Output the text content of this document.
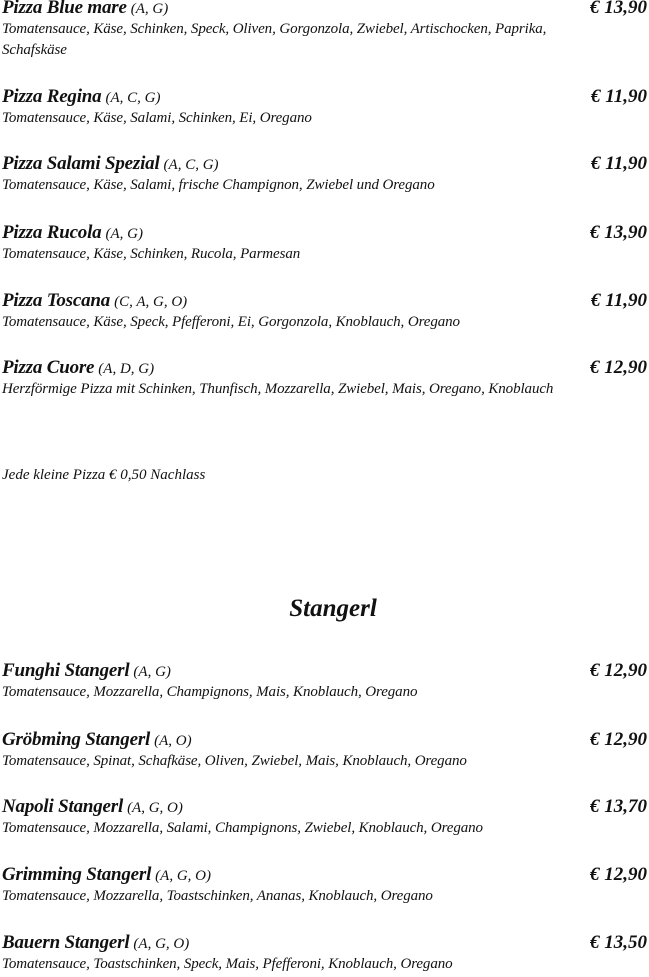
Pizza Blue mare (A, G)	€ 13,90
Tomatensauce, Käse, Schinken, Speck, Oliven, Gorgonzola, Zwiebel, Artischocken, Paprika, Schafskäse
Pizza Regina (A, C, G)	€ 11,90
Tomatensauce, Käse, Salami, Schinken, Ei, Oregano
Pizza Salami Spezial (A, C, G)	€ 11,90
Tomatensauce, Käse, Salami, frische Champignon, Zwiebel und Oregano
Pizza Rucola (A, G)	€ 13,90
Tomatensauce, Käse, Schinken, Rucola, Parmesan
Pizza Toscana (C, A, G, O)	€ 11,90
Tomatensauce, Käse, Speck, Pfefferoni, Ei, Gorgonzola, Knoblauch, Oregano
Pizza Cuore (A, D, G)	€ 12,90
Herzförmige Pizza mit Schinken, Thunfisch, Mozzarella, Zwiebel, Mais, Oregano, Knoblauch
Jede kleine Pizza € 0,50 Nachlass
Stangerl
Funghi Stangerl (A, G)	€ 12,90
Tomatensauce, Mozzarella, Champignons, Mais, Knoblauch, Oregano
Gröbming Stangerl (A, O)	€ 12,90
Tomatensauce, Spinat, Schafkäse, Oliven, Zwiebel, Mais, Knoblauch, Oregano
Napoli Stangerl (A, G, O)	€ 13,70
Tomatensauce, Mozzarella, Salami, Champignons, Zwiebel, Knoblauch, Oregano
Grimming Stangerl (A, G, O)	€ 12,90
Tomatensauce, Mozzarella, Toastschinken, Ananas, Knoblauch, Oregano
Bauern Stangerl (A, G, O)	€ 13,50
Tomatensauce, Toastschinken, Speck, Mais, Pfefferoni, Knoblauch, Oregano
